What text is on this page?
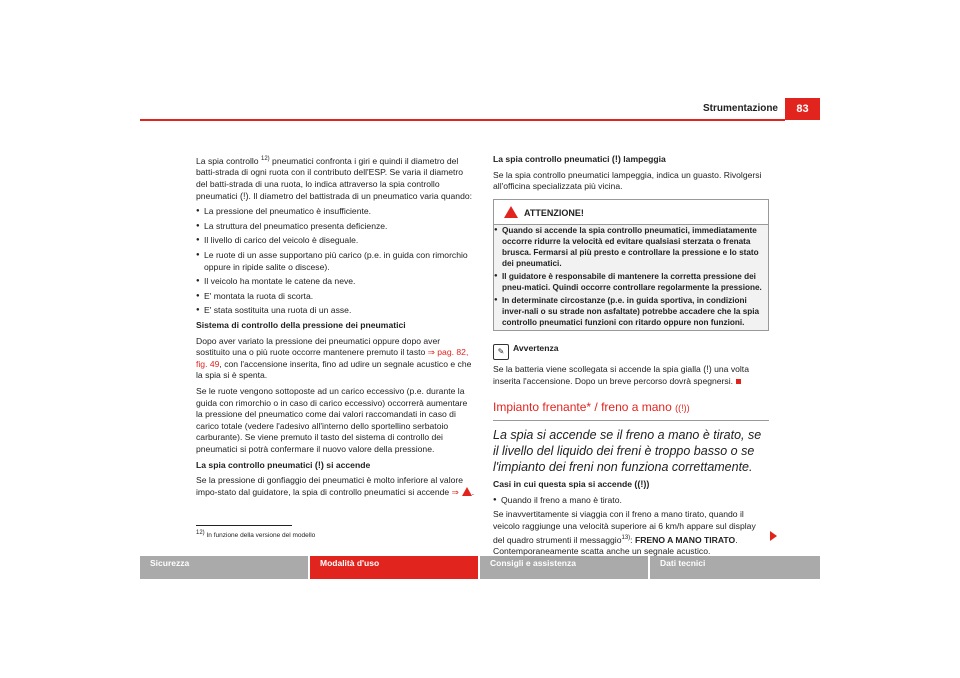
Strumentazione	83

La spia controllo $^{12)}$ pneumatici confronta i giri e quindi il diametro del batti-strada di ogni ruota con il contributo dell'ESP. Se varia il diametro del batti-strada di una ruota, lo indica attraverso la spia controllo pneumatici (!). Il diametro del battistrada di un pneumatico varia quando:

● La pressione del pneumatico è insufficiente.
● La struttura del pneumatico presenta deficienze.
● Il livello di carico del veicolo è diseguale.
● Le ruote di un asse supportano più carico (p.e. in guida con rimorchio oppure in ripide salite o discese).
● Il veicolo ha montate le catene da neve.
● E' montata la ruota di scorta.
● E' stata sostituita una ruota di un asse.

Sistema di controllo della pressione dei pneumatici

Dopo aver variato la pressione dei pneumatici oppure dopo aver sostituito una o più ruote occorre mantenere premuto il tasto ⇒ pag. 82, fig. 49, con l'accensione inserita, fino ad udire un segnale acustico e che la spia si è spenta.

Se le ruote vengono sottoposte ad un carico eccessivo (p.e. durante la guida con rimorchio o in caso di carico eccessivo) occorrerà aumentare la pressione del pneumatico come dai valori raccomandati in caso di carico totale (vedere l'adesivo all'interno dello sportellino serbatoio carburante). Se viene premuto il tasto del sistema di controllo dei pneumatici si potrà confermare il nuovo valore della pressione.

La spia controllo pneumatici (!) si accende

Se la pressione di gonfiaggio dei pneumatici è molto inferiore al valore impo-stato dal guidatore, la spia di controllo pneumatici si accende ⇒ .

La spia controllo pneumatici (!) lampeggia

Se la spia controllo pneumatici lampeggia, indica un guasto. Rivolgersi all'officina specializzata più vicina.

ATTENZIONE!
● Quando si accende la spia controllo pneumatici, immediatamente occorre ridurre la velocità ed evitare qualsiasi sterzata o frenata brusca. Fermarsi al più presto e controllare la pressione e lo stato dei pneumatici.
● Il guidatore è responsabile di mantenere la corretta pressione dei pneu-matici. Quindi occorre controllare regolarmente la pressione.
● In determinate circostanze (p.e. in guida sportiva, in condizioni inver-nali o su strade non asfaltate) potrebbe accadere che la spia controllo pneumatici funzioni con ritardo oppure non funzioni.

✎ Avvertenza

Se la batteria viene scollegata si accende la spia gialla (!) una volta inserita l'accensione. Dopo un breve percorso dovrà spegnersi.

Impianto frenante* / freno a mano ((!))

La spia si accende se il freno a mano è tirato, se il livello del liquido dei freni è troppo basso o se l'impianto dei freni non funziona correttamente.

Casi in cui questa spia si accende ((!))

● Quando il freno a mano è tirato.

Se inavvertitamente si viaggia con il freno a mano tirato, quando il veicolo raggiunge una velocità superiore ai 6 km/h appare sul display del quadro strumenti il messaggio$^{13)}$: FRENO A MANO TIRATO. Contemporaneamente scatta anche un segnale acustico.

$^{12)}$ In funzione della versione del modello
Sicurezza	Modalità d'uso	Consigli e assistenza	Dati tecnici
